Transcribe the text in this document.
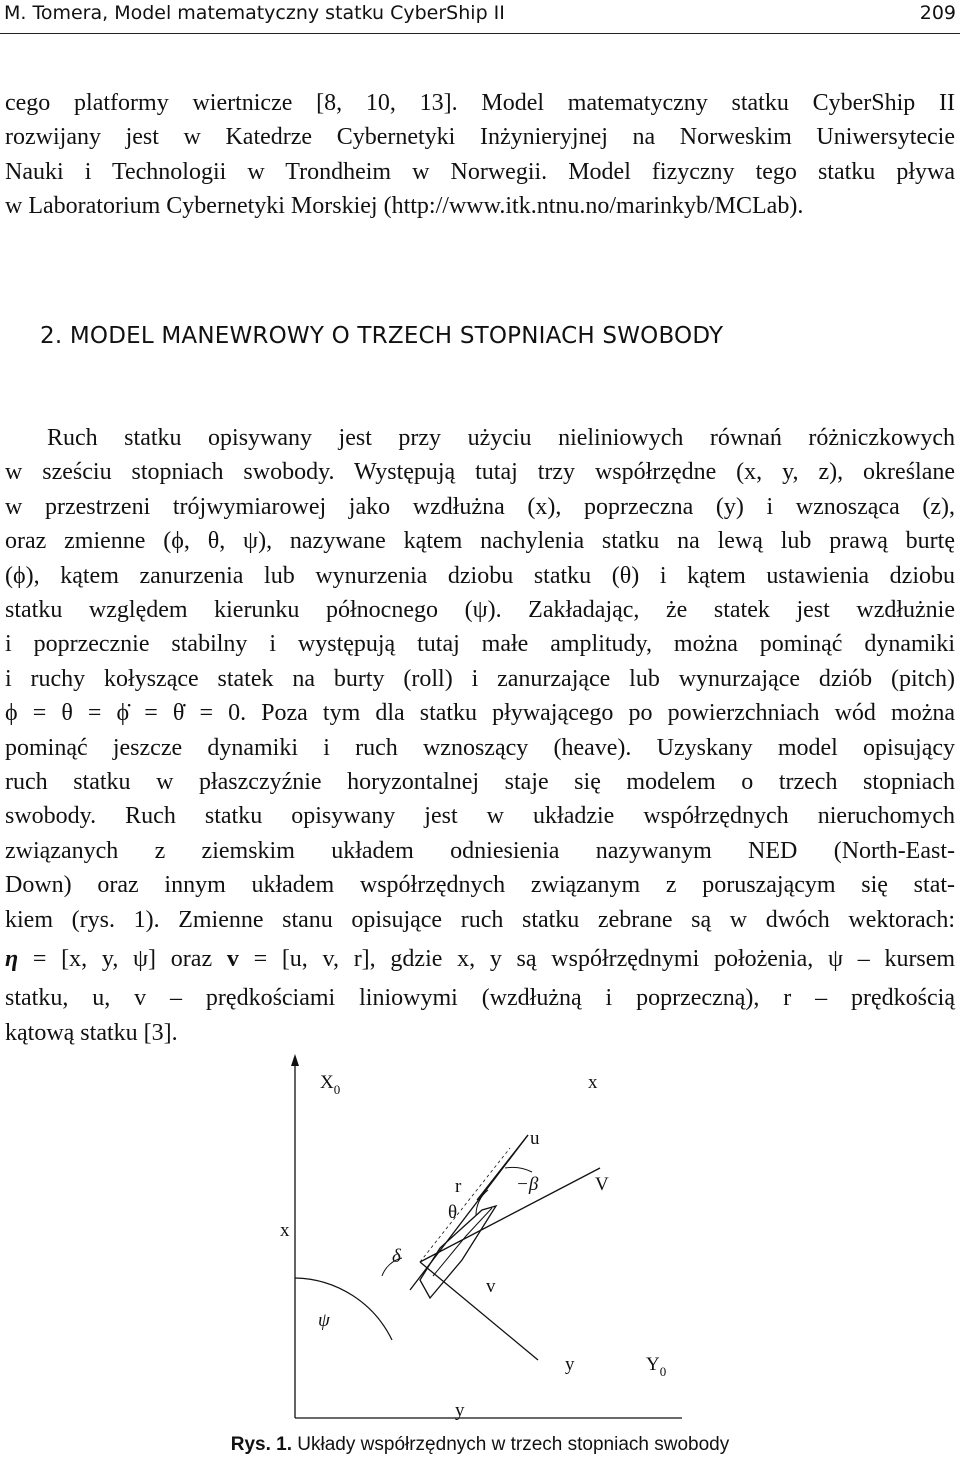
M. Tomera, Model matematyczny statku CyberShip II	209
cego platformy wiertnicze [8, 10, 13]. Model matematyczny statku CyberShip II
rozwijany jest w Katedrze Cybernetyki Inżynieryjnej na Norweskim Uniwersytecie
Nauki i Technologii w Trondheim w Norwegii. Model fizyczny tego statku pływa
w Laboratorium Cybernetyki Morskiej (http://www.itk.ntnu.no/marinkyb/MCLab).
2. MODEL MANEWROWY O TRZECH STOPNIACH SWOBODY
Ruch statku opisywany jest przy użyciu nieliniowych równań różniczkowych
w sześciu stopniach swobody. Występują tutaj trzy współrzędne (x, y, z), określane
w przestrzeni trójwymiarowej jako wzdłużna (x), poprzeczna (y) i wznosząca (z),
oraz zmienne (ϕ, θ, ψ), nazywane kątem nachylenia statku na lewą lub prawą burtę
(ϕ), kątem zanurzenia lub wynurzenia dziobu statku (θ) i kątem ustawienia dziobu
statku względem kierunku północnego (ψ). Zakładając, że statek jest wzdłużnie
i poprzecznie stabilny i występują tutaj małe amplitudy, można pominąć dynamiki
i ruchy kołyszące statek na burty (roll) i zanurzające lub wynurzające dziób (pitch)
ϕ = θ = ϕ̇ = θ̇ = 0. Poza tym dla statku pływającego po powierzchniach wód można
pominąć jeszcze dynamiki i ruch wznoszący (heave). Uzyskany model opisujący
ruch statku w płaszczyźnie horyzontalnej staje się modelem o trzech stopniach
swobody. Ruch statku opisywany jest w układzie współrzędnych nieruchomych
związanych z ziemskim układem odniesienia nazywanym NED (North-East-
Down) oraz innym układem współrzędnych związanym z poruszającym się stat-
kiem (rys. 1). Zmienne stanu opisujące ruch statku zebrane są w dwóch wektorach:
η = [x, y, ψ] oraz v = [u, v, r], gdzie x, y są współrzędnymi położenia, ψ – kursem
statku, u, v – prędkościami liniowymi (wzdłużną i poprzeczną), r – prędkością
kątową statku [3].
$X_0$	x
u
r	−β	V
θ
x
δ
v
ψ
y	$Y_0$
y
Rys. 1. Układy współrzędnych w trzech stopniach swobody
